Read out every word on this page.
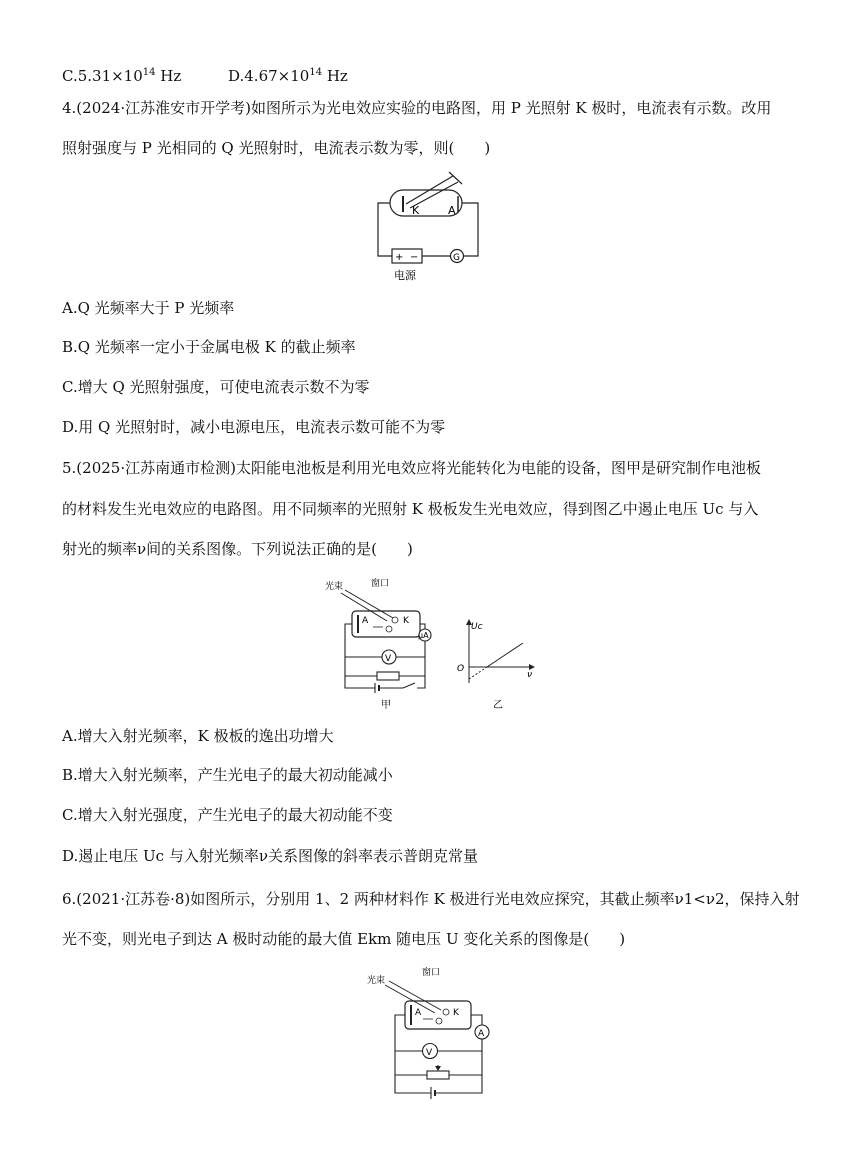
$C.5.31\times 10^{14}$ Hz	$D.4.67\times 10^{14}$ Hz
4.(2024·江苏淮安市开学考)如图所示为光电效应实验的电路图，用 P 光照射 K 极时，电流表有示数。改用
照射强度与 P 光相同的 Q 光照射时，电流表示数为零，则(　　)
K	A
+ −	G
电源
A.Q 光频率大于 P 光频率
B.Q 光频率一定小于金属电极 K 的截止频率
C.增大 Q 光照射强度，可使电流表示数不为零
D.用 Q 光照射时，减小电源电压，电流表示数可能不为零
5.(2025·江苏南通市检测)太阳能电池板是利用光电效应将光能转化为电能的设备，图甲是研究制作电池板
的材料发生光电效应的电路图。用不同频率的光照射 K 极板发生光电效应，得到图乙中遏止电压 Uc 与入
射光的频率ν间的关系图像。下列说法正确的是(　　)
光束	窗口
A	K
μA
V
甲
Uc
O
ν
乙
A.增大入射光频率，K 极板的逸出功增大
B.增大入射光频率，产生光电子的最大初动能减小
C.增大入射光强度，产生光电子的最大初动能不变
D.遏止电压 Uc 与入射光频率ν关系图像的斜率表示普朗克常量
6.(2021·江苏卷·8)如图所示，分别用 1、2 两种材料作 K 极进行光电效应探究，其截止频率ν1<ν2，保持入射
光不变，则光电子到达 A 极时动能的最大值 Ekm 随电压 U 变化关系的图像是(　　)
光束
窗口
A	K
A
V
